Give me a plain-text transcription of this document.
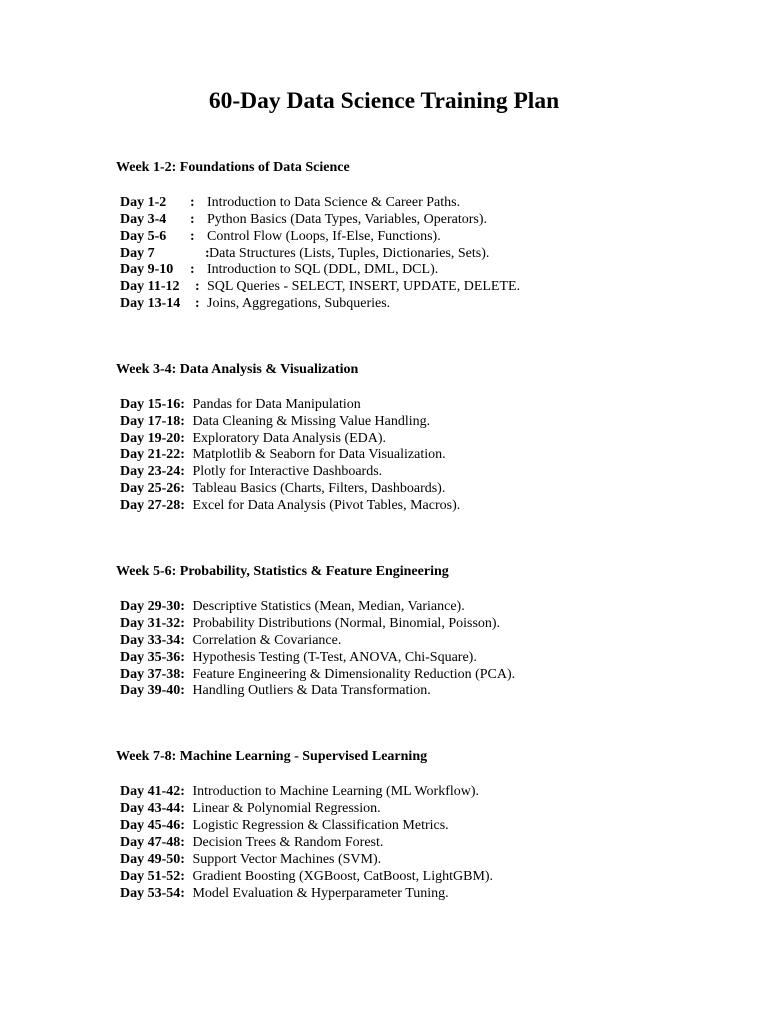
60-Day Data Science Training Plan
Week 1-2: Foundations of Data Science
Day 1-2 : Introduction to Data Science & Career Paths.
Day 3-4 : Python Basics (Data Types, Variables, Operators).
Day 5-6 : Control Flow (Loops, If-Else, Functions).
Day 7	: Data Structures (Lists, Tuples, Dictionaries, Sets).
Day 9-10 : Introduction to SQL (DDL, DML, DCL).
Day 11-12 : SQL Queries - SELECT, INSERT, UPDATE, DELETE.
Day 13-14 : Joins, Aggregations, Subqueries.
Week 3-4: Data Analysis & Visualization
Day 15-16: Pandas for Data Manipulation
Day 17-18: Data Cleaning & Missing Value Handling.
Day 19-20: Exploratory Data Analysis (EDA).
Day 21-22: Matplotlib & Seaborn for Data Visualization.
Day 23-24: Plotly for Interactive Dashboards.
Day 25-26: Tableau Basics (Charts, Filters, Dashboards).
Day 27-28: Excel for Data Analysis (Pivot Tables, Macros).
Week 5-6: Probability, Statistics & Feature Engineering
Day 29-30: Descriptive Statistics (Mean, Median, Variance).
Day 31-32: Probability Distributions (Normal, Binomial, Poisson).
Day 33-34: Correlation & Covariance.
Day 35-36: Hypothesis Testing (T-Test, ANOVA, Chi-Square).
Day 37-38: Feature Engineering & Dimensionality Reduction (PCA).
Day 39-40: Handling Outliers & Data Transformation.
Week 7-8: Machine Learning - Supervised Learning
Day 41-42: Introduction to Machine Learning (ML Workflow).
Day 43-44: Linear & Polynomial Regression.
Day 45-46: Logistic Regression & Classification Metrics.
Day 47-48: Decision Trees & Random Forest.
Day 49-50: Support Vector Machines (SVM).
Day 51-52: Gradient Boosting (XGBoost, CatBoost, LightGBM).
Day 53-54: Model Evaluation & Hyperparameter Tuning.
